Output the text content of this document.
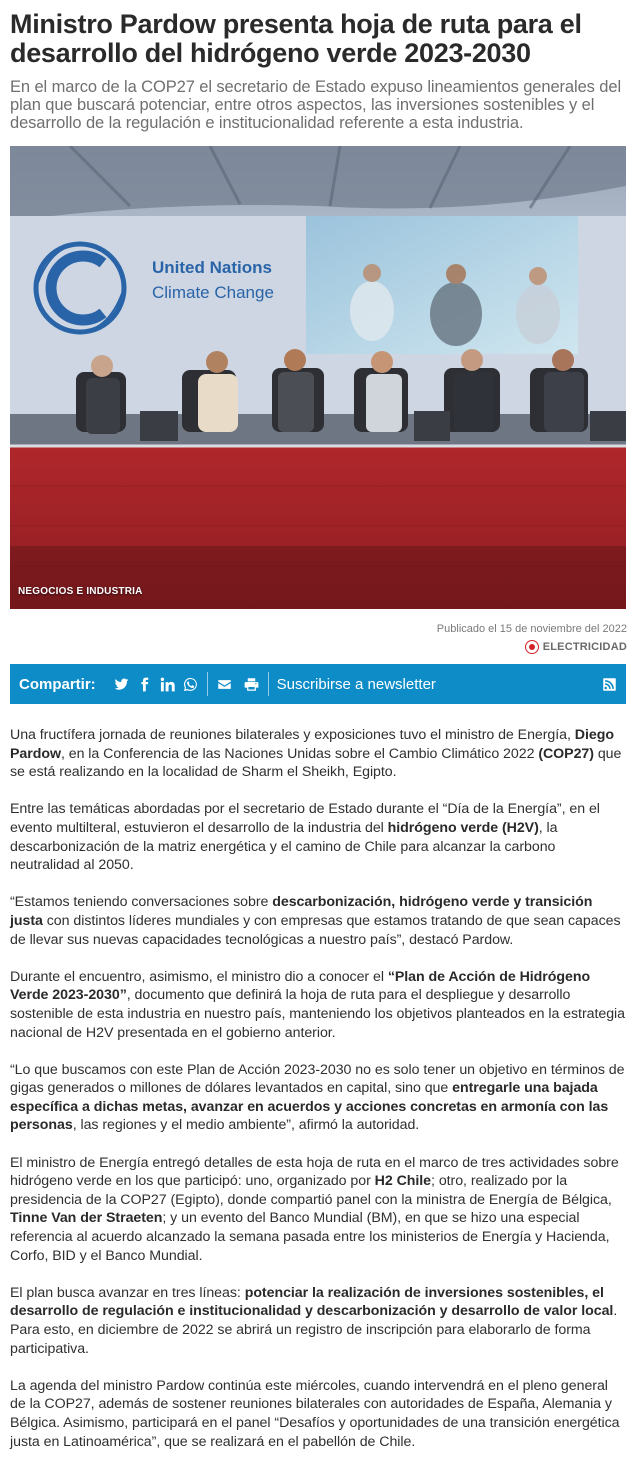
Ministro Pardow presenta hoja de ruta para el desarrollo del hidrógeno verde 2023-2030

En el marco de la COP27 el secretario de Estado expuso lineamientos generales del plan que buscará potenciar, entre otros aspectos, las inversiones sostenibles y el desarrollo de la regulación e institucionalidad referente a esta industria.

United Nations
Climate Change
NEGOCIOS E INDUSTRIA
Publicado el 15 de noviembre del 2022
ELECTRICIDAD
Compartir:	Suscribirse a newsletter

Una fructífera jornada de reuniones bilaterales y exposiciones tuvo el ministro de Energía, Diego Pardow, en la Conferencia de las Naciones Unidas sobre el Cambio Climático 2022 (COP27) que se está realizando en la localidad de Sharm el Sheikh, Egipto.

Entre las temáticas abordadas por el secretario de Estado durante el “Día de la Energía”, en el evento multilteral, estuvieron el desarrollo de la industria del hidrógeno verde (H2V), la descarbonización de la matriz energética y el camino de Chile para alcanzar la carbono neutralidad al 2050.

“Estamos teniendo conversaciones sobre descarbonización, hidrógeno verde y transición justa con distintos líderes mundiales y con empresas que estamos tratando de que sean capaces de llevar sus nuevas capacidades tecnológicas a nuestro país”, destacó Pardow.

Durante el encuentro, asimismo, el ministro dio a conocer el “Plan de Acción de Hidrógeno Verde 2023-2030”, documento que definirá la hoja de ruta para el despliegue y desarrollo sostenible de esta industria en nuestro país, manteniendo los objetivos planteados en la estrategia nacional de H2V presentada en el gobierno anterior.

“Lo que buscamos con este Plan de Acción 2023-2030 no es solo tener un objetivo en términos de gigas generados o millones de dólares levantados en capital, sino que entregarle una bajada específica a dichas metas, avanzar en acuerdos y acciones concretas en armonía con las personas, las regiones y el medio ambiente”, afirmó la autoridad.

El ministro de Energía entregó detalles de esta hoja de ruta en el marco de tres actividades sobre hidrógeno verde en los que participó: uno, organizado por H2 Chile; otro, realizado por la presidencia de la COP27 (Egipto), donde compartió panel con la ministra de Energía de Bélgica, Tinne Van der Straeten; y un evento del Banco Mundial (BM), en que se hizo una especial referencia al acuerdo alcanzado la semana pasada entre los ministerios de Energía y Hacienda, Corfo, BID y el Banco Mundial.

El plan busca avanzar en tres líneas: potenciar la realización de inversiones sostenibles, el desarrollo de regulación e institucionalidad y descarbonización y desarrollo de valor local. Para esto, en diciembre de 2022 se abrirá un registro de inscripción para elaborarlo de forma participativa.

La agenda del ministro Pardow continúa este miércoles, cuando intervendrá en el pleno general de la COP27, además de sostener reuniones bilaterales con autoridades de España, Alemania y Bélgica. Asimismo, participará en el panel “Desafíos y oportunidades de una transición energética justa en Latinoamérica”, que se realizará en el pabellón de Chile.
